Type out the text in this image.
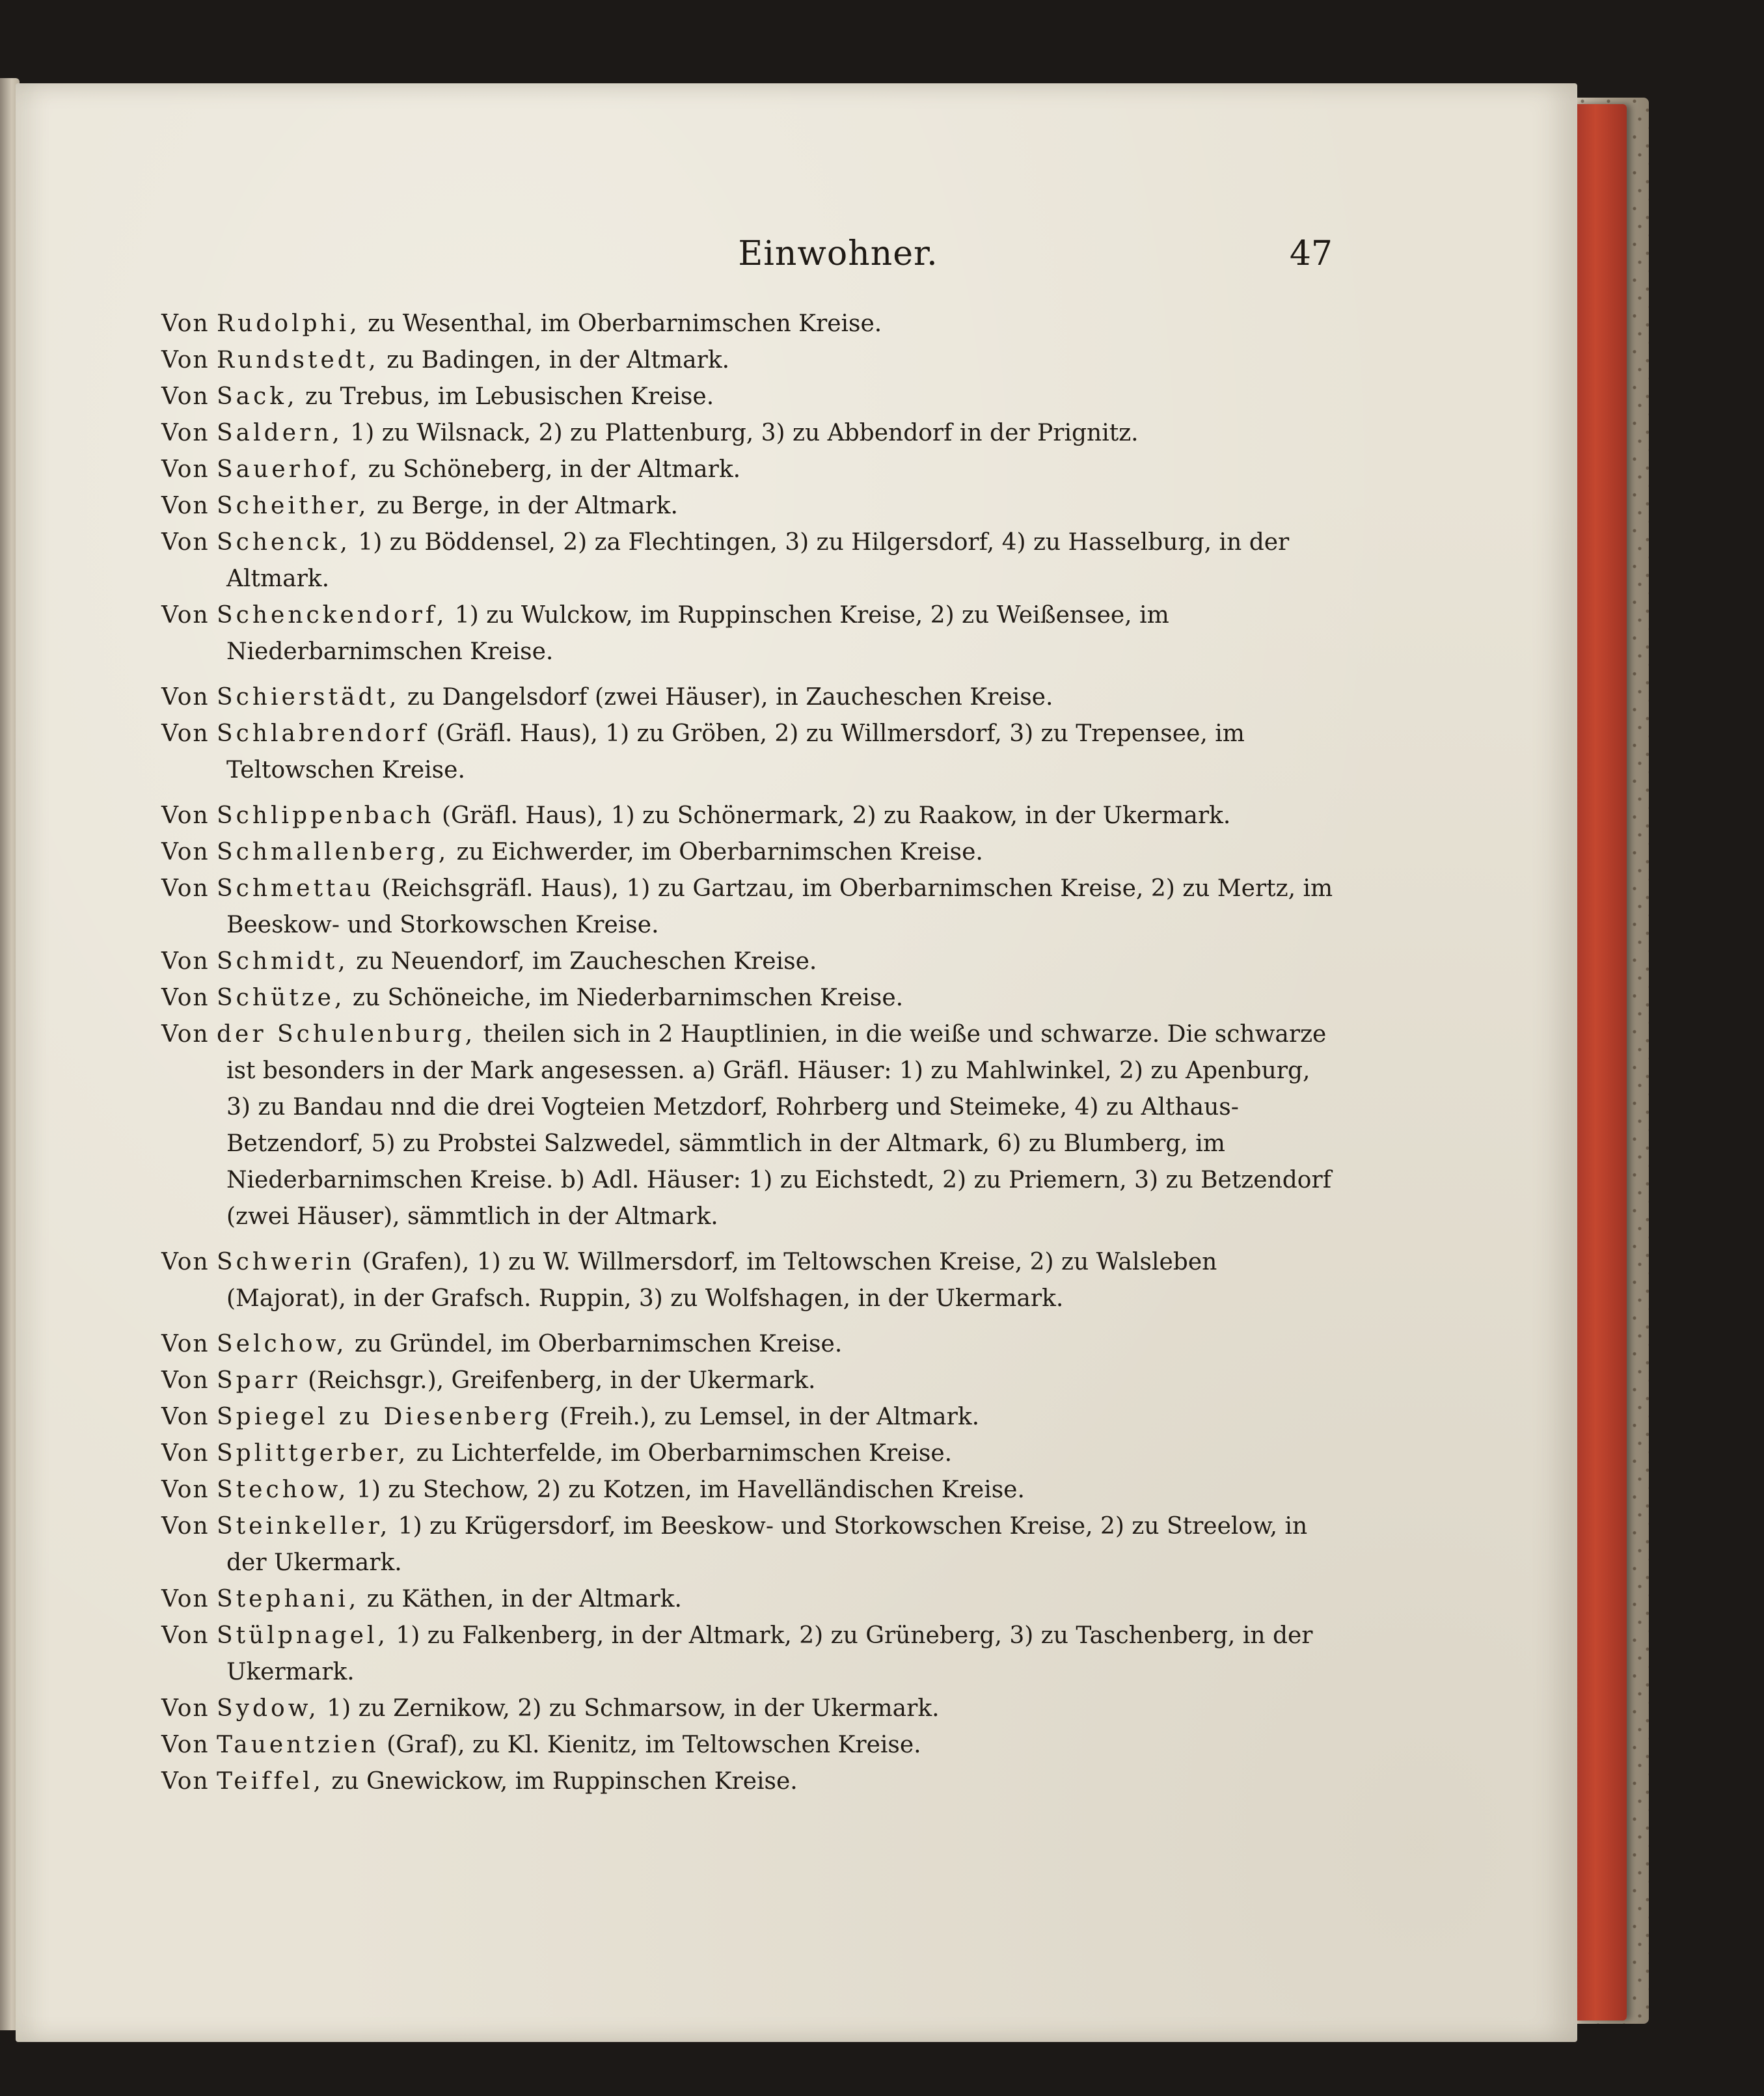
Einwohner.	47

Von Rudolphi, zu Wesenthal, im Oberbarnimschen Kreise.

Von Rundstedt, zu Badingen, in der Altmark.

Von Sack, zu Trebus, im Lebusischen Kreise.

Von Saldern, 1) zu Wilsnack, 2) zu Plattenburg, 3) zu Abbendorf in der Prignitz.

Von Sauerhof, zu Schöneberg, in der Altmark.

Von Scheither, zu Berge, in der Altmark.

Von Schenck, 1) zu Böddensel, 2) za Flechtingen, 3) zu Hilgersdorf, 4) zu Hasselburg, in der Altmark.

Von Schenckendorf, 1) zu Wulckow, im Ruppinschen Kreise, 2) zu Weißensee, im Niederbarnimschen Kreise.

Von Schierstädt, zu Dangelsdorf (zwei Häuser), in Zaucheschen Kreise.

Von Schlabrendorf (Gräfl. Haus), 1) zu Gröben, 2) zu Willmersdorf, 3) zu Trepensee, im Teltowschen Kreise.

Von Schlippenbach (Gräfl. Haus), 1) zu Schönermark, 2) zu Raakow, in der Ukermark.

Von Schmallenberg, zu Eichwerder, im Oberbarnimschen Kreise.

Von Schmettau (Reichsgräfl. Haus), 1) zu Gartzau, im Oberbarnimschen Kreise, 2) zu Mertz, im Beeskow- und Storkowschen Kreise.

Von Schmidt, zu Neuendorf, im Zaucheschen Kreise.

Von Schütze, zu Schöneiche, im Niederbarnimschen Kreise.

Von der Schulenburg, theilen sich in 2 Hauptlinien, in die weiße und schwarze. Die schwarze ist besonders in der Mark angesessen. a) Gräfl. Häuser: 1) zu Mahlwinkel, 2) zu Apenburg, 3) zu Bandau nnd die drei Vogteien Metzdorf, Rohrberg und Steimeke, 4) zu Althaus-Betzendorf, 5) zu Probstei Salzwedel, sämmtlich in der Altmark, 6) zu Blumberg, im Niederbarnimschen Kreise. b) Adl. Häuser: 1) zu Eichstedt, 2) zu Priemern, 3) zu Betzendorf (zwei Häuser), sämmtlich in der Altmark.

Von Schwerin (Grafen), 1) zu W. Willmersdorf, im Teltowschen Kreise, 2) zu Walsleben (Majorat), in der Grafsch. Ruppin, 3) zu Wolfshagen, in der Ukermark.

Von Selchow, zu Gründel, im Oberbarnimschen Kreise.

Von Sparr (Reichsgr.), Greifenberg, in der Ukermark.

Von Spiegel zu Diesenberg (Freih.), zu Lemsel, in der Altmark.

Von Splittgerber, zu Lichterfelde, im Oberbarnimschen Kreise.

Von Stechow, 1) zu Stechow, 2) zu Kotzen, im Havelländischen Kreise.

Von Steinkeller, 1) zu Krügersdorf, im Beeskow- und Storkowschen Kreise, 2) zu Streelow, in der Ukermark.

Von Stephani, zu Käthen, in der Altmark.

Von Stülpnagel, 1) zu Falkenberg, in der Altmark, 2) zu Grüneberg, 3) zu Taschenberg, in der Ukermark.

Von Sydow, 1) zu Zernikow, 2) zu Schmarsow, in der Ukermark.

Von Tauentzien (Graf), zu Kl. Kienitz, im Teltowschen Kreise.

Von Teiffel, zu Gnewickow, im Ruppinschen Kreise.
